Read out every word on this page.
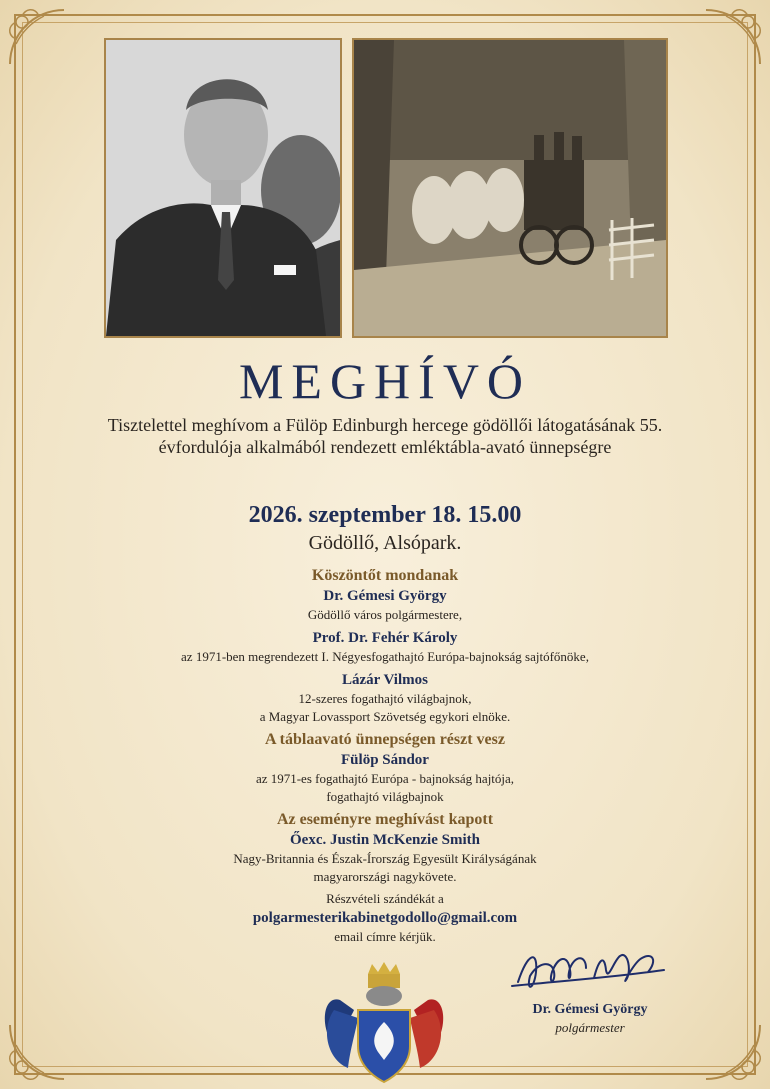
MEGHÍVÓ
Tisztelettel meghívom a Fülöp Edinburgh hercege gödöllői látogatásának 55. évfordulója alkalmából rendezett emléktábla-avató ünnepségre
2026. szeptember 18. 15.00
Gödöllő, Alsópark.
Köszöntőt mondanak
Dr. Gémesi György
Gödöllő város polgármestere,
Prof. Dr. Fehér Károly
az 1971-ben megrendezett I. Négyesfogathajtó Európa-bajnokság sajtófőnöke,
Lázár Vilmos
12-szeres fogathajtó világbajnok,
a Magyar Lovassport Szövetség egykori elnöke.
A táblaavató ünnepségen részt vesz
Fülöp Sándor
az 1971-es fogathajtó Európa - bajnokság hajtója,
fogathajtó világbajnok
Az eseményre meghívást kapott
Őexc. Justin McKenzie Smith
Nagy-Britannia és Észak-Írország Egyesült Királyságának
magyarországi nagykövete.
Részvételi szándékát a
polgarmesterikabinetgodollo@gmail.com
email címre kérjük.
Dr. Gémesi György
polgármester
